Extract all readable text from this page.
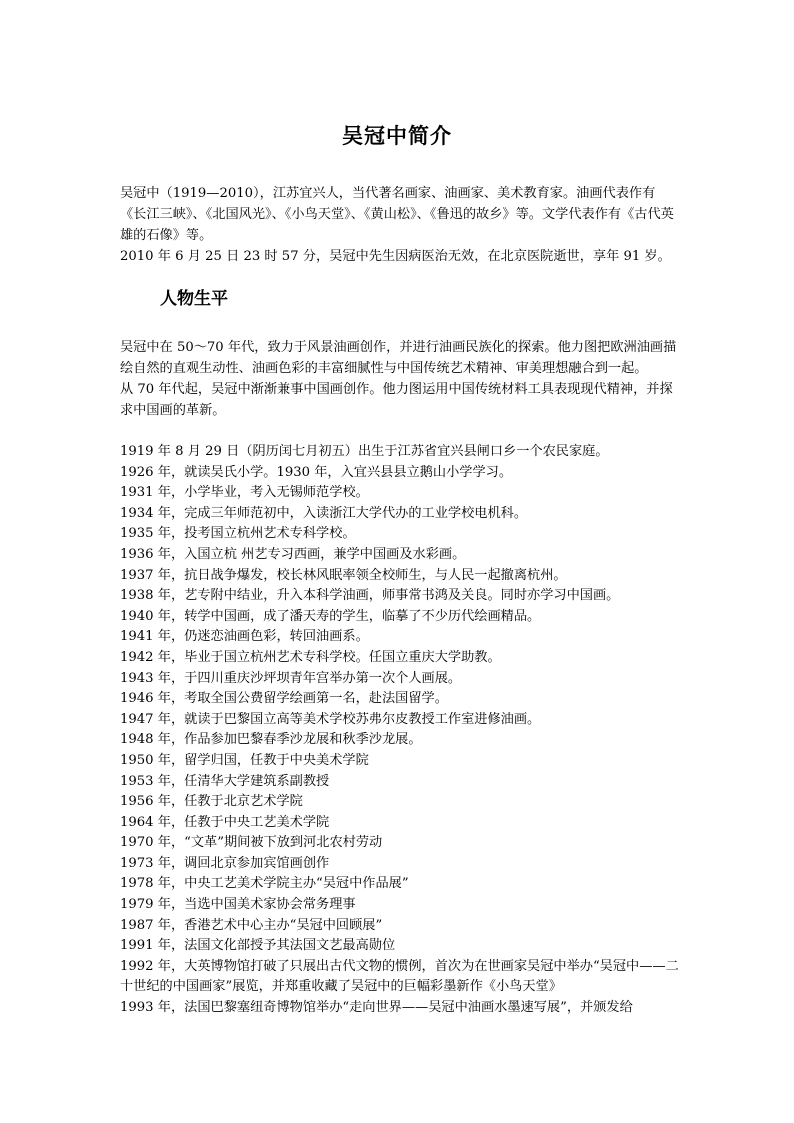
吴冠中简介

吴冠中（1919—2010），江苏宜兴人，当代著名画家、油画家、美术教育家。油画代表作有《长江三峡》、《北国风光》、《小鸟天堂》、《黄山松》、《鲁迅的故乡》等。文学代表作有《古代英雄的石像》等。

2010 年 6 月 25 日 23 时 57 分，吴冠中先生因病医治无效，在北京医院逝世，享年 91 岁。

人物生平

吴冠中在 50～70 年代，致力于风景油画创作，并进行油画民族化的探索。他力图把欧洲油画描绘自然的直观生动性、油画色彩的丰富细腻性与中国传统艺术精神、审美理想融合到一起。

从 70 年代起，吴冠中渐渐兼事中国画创作。他力图运用中国传统材料工具表现现代精神，并探求中国画的革新。

1919 年 8 月 29 日（阴历闰七月初五）出生于江苏省宜兴县闸口乡一个农民家庭。

1926 年，就读吴氏小学。1930 年，入宜兴县县立鹅山小学学习。

1931 年，小学毕业，考入无锡师范学校。

1934 年，完成三年师范初中，入读浙江大学代办的工业学校电机科。

1935 年，投考国立杭州艺术专科学校。

1936 年，入国立杭 州艺专习西画，兼学中国画及水彩画。

1937 年，抗日战争爆发，校长林风眠率领全校师生，与人民一起撤离杭州。

1938 年，艺专附中结业，升入本科学油画，师事常书鸿及关良。同时亦学习中国画。

1940 年，转学中国画，成了潘天寿的学生，临摹了不少历代绘画精品。

1941 年，仍迷恋油画色彩，转回油画系。

1942 年，毕业于国立杭州艺术专科学校。任国立重庆大学助教。

1943 年，于四川重庆沙坪坝青年宫举办第一次个人画展。

1946 年，考取全国公费留学绘画第一名，赴法国留学。

1947 年，就读于巴黎国立高等美术学校苏弗尔皮教授工作室进修油画。

1948 年，作品参加巴黎春季沙龙展和秋季沙龙展。

1950 年，留学归国，任教于中央美术学院

1953 年，任清华大学建筑系副教授

1956 年，任教于北京艺术学院

1964 年，任教于中央工艺美术学院

1970 年，“文革”期间被下放到河北农村劳动

1973 年，调回北京参加宾馆画创作

1978 年，中央工艺美术学院主办“吴冠中作品展”

1979 年，当选中国美术家协会常务理事

1987 年，香港艺术中心主办“吴冠中回顾展”

1991 年，法国文化部授予其法国文艺最高勋位

1992 年，大英博物馆打破了只展出古代文物的惯例，首次为在世画家吴冠中举办“吴冠中——二十世纪的中国画家”展览，并郑重收藏了吴冠中的巨幅彩墨新作《小鸟天堂》

1993 年，法国巴黎塞纽奇博物馆举办“走向世界——吴冠中油画水墨速写展”，并颁发给
